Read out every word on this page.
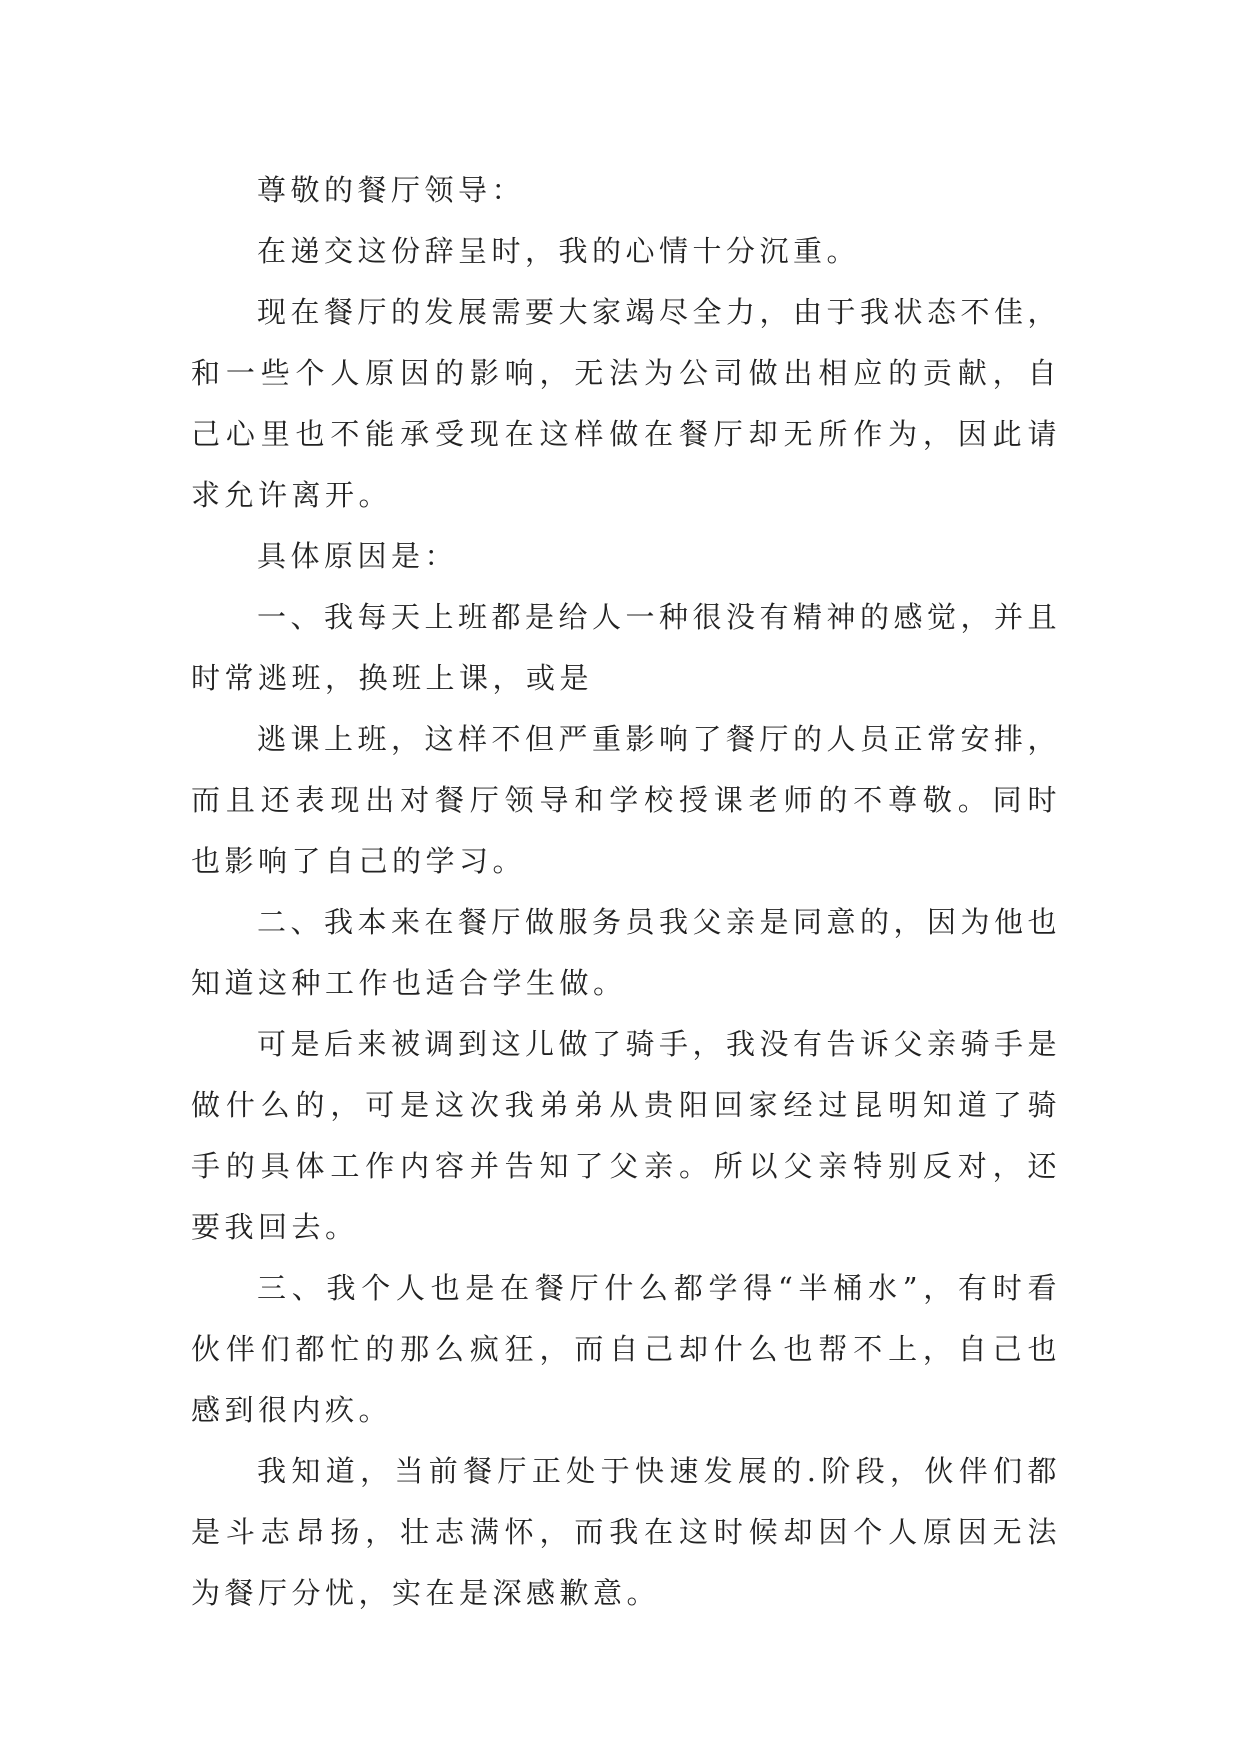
尊敬的餐厅领导：

在递交这份辞呈时，我的心情十分沉重。

现在餐厅的发展需要大家竭尽全力，由于我状态不佳，和一些个人原因的影响，无法为公司做出相应的贡献，自己心里也不能承受现在这样做在餐厅却无所作为，因此请求允许离开。

具体原因是：

一、我每天上班都是给人一种很没有精神的感觉，并且时常逃班，换班上课，或是

逃课上班，这样不但严重影响了餐厅的人员正常安排，而且还表现出对餐厅领导和学校授课老师的不尊敬。同时也影响了自己的学习。

二、我本来在餐厅做服务员我父亲是同意的，因为他也知道这种工作也适合学生做。

可是后来被调到这儿做了骑手，我没有告诉父亲骑手是做什么的，可是这次我弟弟从贵阳回家经过昆明知道了骑手的具体工作内容并告知了父亲。所以父亲特别反对，还要我回去。

三、我个人也是在餐厅什么都学得“半桶水”，有时看伙伴们都忙的那么疯狂，而自己却什么也帮不上，自己也感到很内疚。

我知道，当前餐厅正处于快速发展的.阶段，伙伴们都是斗志昂扬，壮志满怀，而我在这时候却因个人原因无法为餐厅分忧，实在是深感歉意。
